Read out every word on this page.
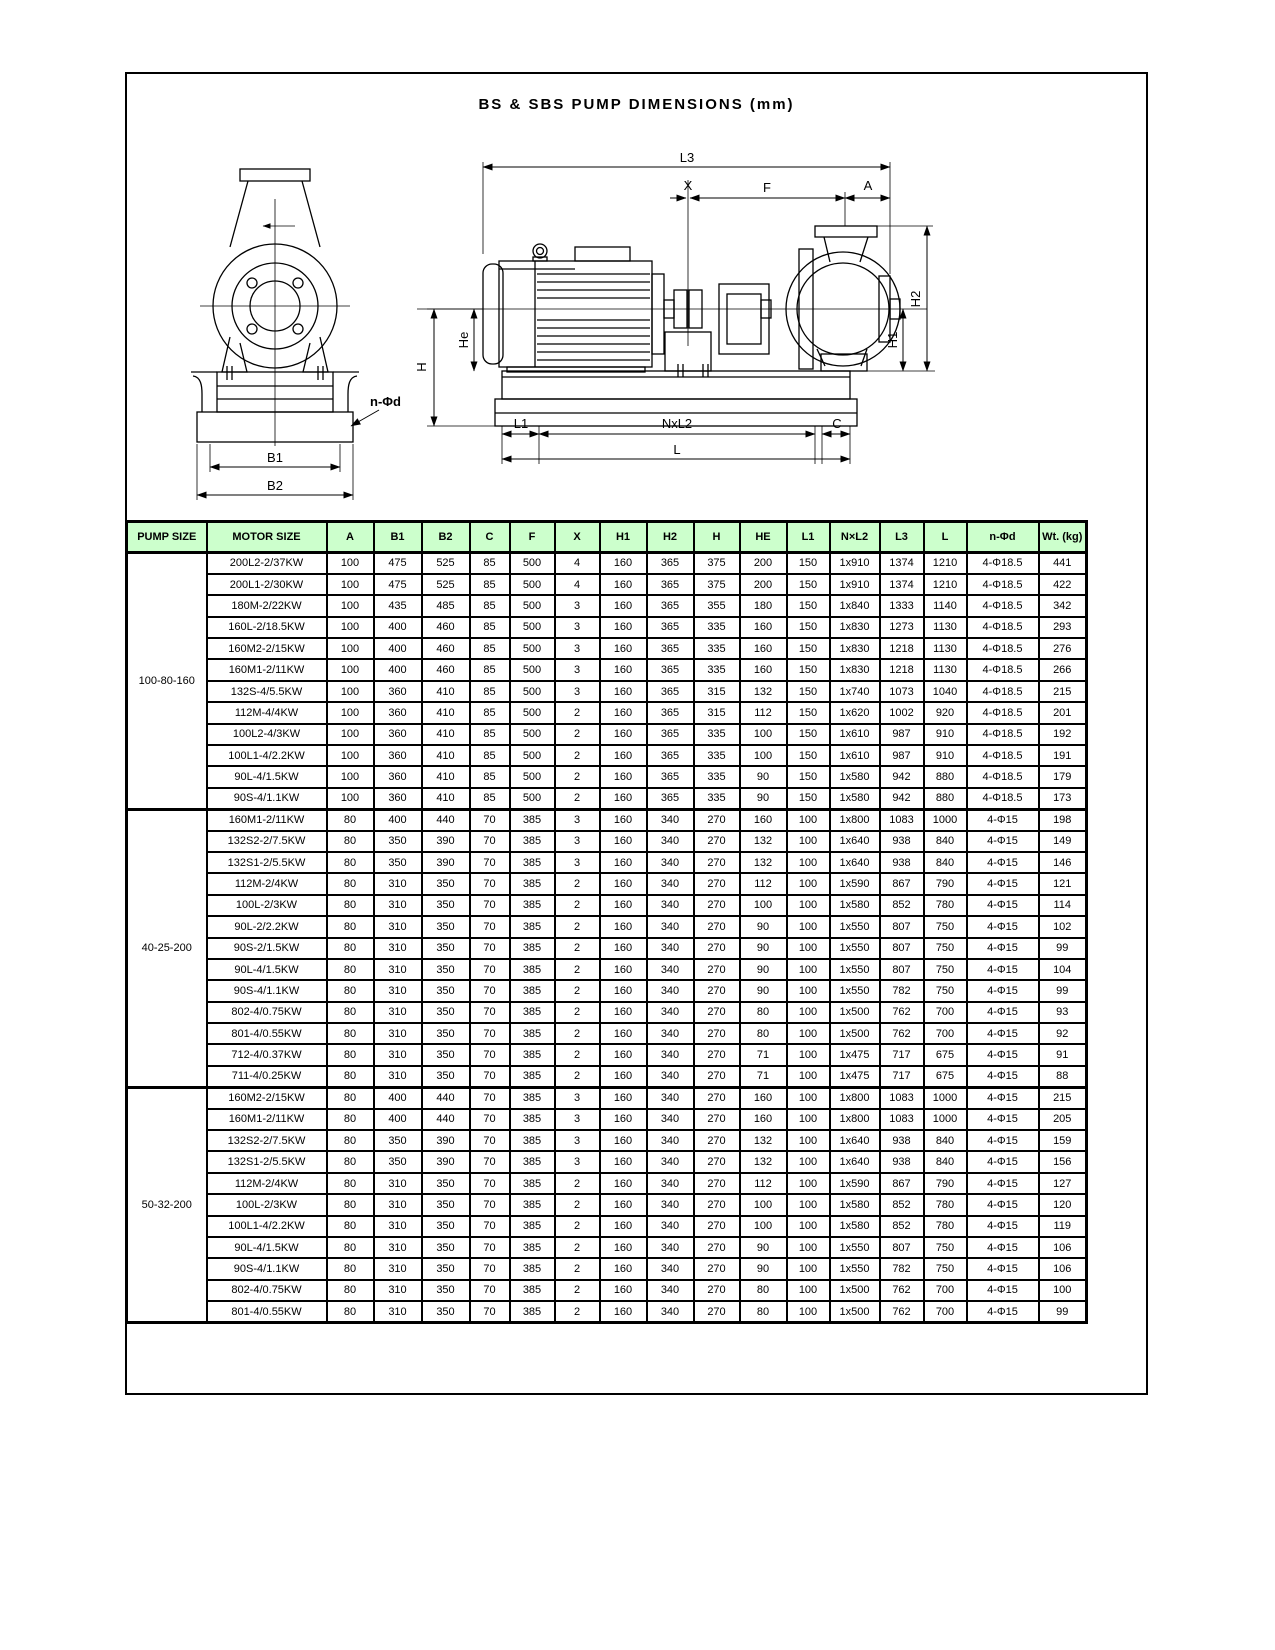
BS & SBS PUMP DIMENSIONS (mm)
B1
B2
n-Φd
L3
X	F	A
He
H
H1
H2
L1	NxL2	C
L
PUMP SIZE	MOTOR SIZE	A	B1	B2	C	F	X	H1	H2	H	HE	L1	N×L2	L3	L	n-Φd	Wt. (kg)
100-80-160	200L2-2/37KW	100	475	525	85	500	4	160	365	375	200	150	1x910	1374	1210	4-Φ18.5	441
	200L1-2/30KW	100	475	525	85	500	4	160	365	375	200	150	1x910	1374	1210	4-Φ18.5	422
	180M-2/22KW	100	435	485	85	500	3	160	365	355	180	150	1x840	1333	1140	4-Φ18.5	342
	160L-2/18.5KW	100	400	460	85	500	3	160	365	335	160	150	1x830	1273	1130	4-Φ18.5	293
	160M2-2/15KW	100	400	460	85	500	3	160	365	335	160	150	1x830	1218	1130	4-Φ18.5	276
	160M1-2/11KW	100	400	460	85	500	3	160	365	335	160	150	1x830	1218	1130	4-Φ18.5	266
	132S-4/5.5KW	100	360	410	85	500	3	160	365	315	132	150	1x740	1073	1040	4-Φ18.5	215
	112M-4/4KW	100	360	410	85	500	2	160	365	315	112	150	1x620	1002	920	4-Φ18.5	201
	100L2-4/3KW	100	360	410	85	500	2	160	365	335	100	150	1x610	987	910	4-Φ18.5	192
	100L1-4/2.2KW	100	360	410	85	500	2	160	365	335	100	150	1x610	987	910	4-Φ18.5	191
	90L-4/1.5KW	100	360	410	85	500	2	160	365	335	90	150	1x580	942	880	4-Φ18.5	179
	90S-4/1.1KW	100	360	410	85	500	2	160	365	335	90	150	1x580	942	880	4-Φ18.5	173
40-25-200	160M1-2/11KW	80	400	440	70	385	3	160	340	270	160	100	1x800	1083	1000	4-Φ15	198
	132S2-2/7.5KW	80	350	390	70	385	3	160	340	270	132	100	1x640	938	840	4-Φ15	149
	132S1-2/5.5KW	80	350	390	70	385	3	160	340	270	132	100	1x640	938	840	4-Φ15	146
	112M-2/4KW	80	310	350	70	385	2	160	340	270	112	100	1x590	867	790	4-Φ15	121
	100L-2/3KW	80	310	350	70	385	2	160	340	270	100	100	1x580	852	780	4-Φ15	114
	90L-2/2.2KW	80	310	350	70	385	2	160	340	270	90	100	1x550	807	750	4-Φ15	102
	90S-2/1.5KW	80	310	350	70	385	2	160	340	270	90	100	1x550	807	750	4-Φ15	99
	90L-4/1.5KW	80	310	350	70	385	2	160	340	270	90	100	1x550	807	750	4-Φ15	104
	90S-4/1.1KW	80	310	350	70	385	2	160	340	270	90	100	1x550	782	750	4-Φ15	99
	802-4/0.75KW	80	310	350	70	385	2	160	340	270	80	100	1x500	762	700	4-Φ15	93
	801-4/0.55KW	80	310	350	70	385	2	160	340	270	80	100	1x500	762	700	4-Φ15	92
	712-4/0.37KW	80	310	350	70	385	2	160	340	270	71	100	1x475	717	675	4-Φ15	91
	711-4/0.25KW	80	310	350	70	385	2	160	340	270	71	100	1x475	717	675	4-Φ15	88
50-32-200	160M2-2/15KW	80	400	440	70	385	3	160	340	270	160	100	1x800	1083	1000	4-Φ15	215
	160M1-2/11KW	80	400	440	70	385	3	160	340	270	160	100	1x800	1083	1000	4-Φ15	205
	132S2-2/7.5KW	80	350	390	70	385	3	160	340	270	132	100	1x640	938	840	4-Φ15	159
	132S1-2/5.5KW	80	350	390	70	385	3	160	340	270	132	100	1x640	938	840	4-Φ15	156
	112M-2/4KW	80	310	350	70	385	2	160	340	270	112	100	1x590	867	790	4-Φ15	127
	100L-2/3KW	80	310	350	70	385	2	160	340	270	100	100	1x580	852	780	4-Φ15	120
	100L1-4/2.2KW	80	310	350	70	385	2	160	340	270	100	100	1x580	852	780	4-Φ15	119
	90L-4/1.5KW	80	310	350	70	385	2	160	340	270	90	100	1x550	807	750	4-Φ15	106
	90S-4/1.1KW	80	310	350	70	385	2	160	340	270	90	100	1x550	782	750	4-Φ15	106
	802-4/0.75KW	80	310	350	70	385	2	160	340	270	80	100	1x500	762	700	4-Φ15	100
	801-4/0.55KW	80	310	350	70	385	2	160	340	270	80	100	1x500	762	700	4-Φ15	99
